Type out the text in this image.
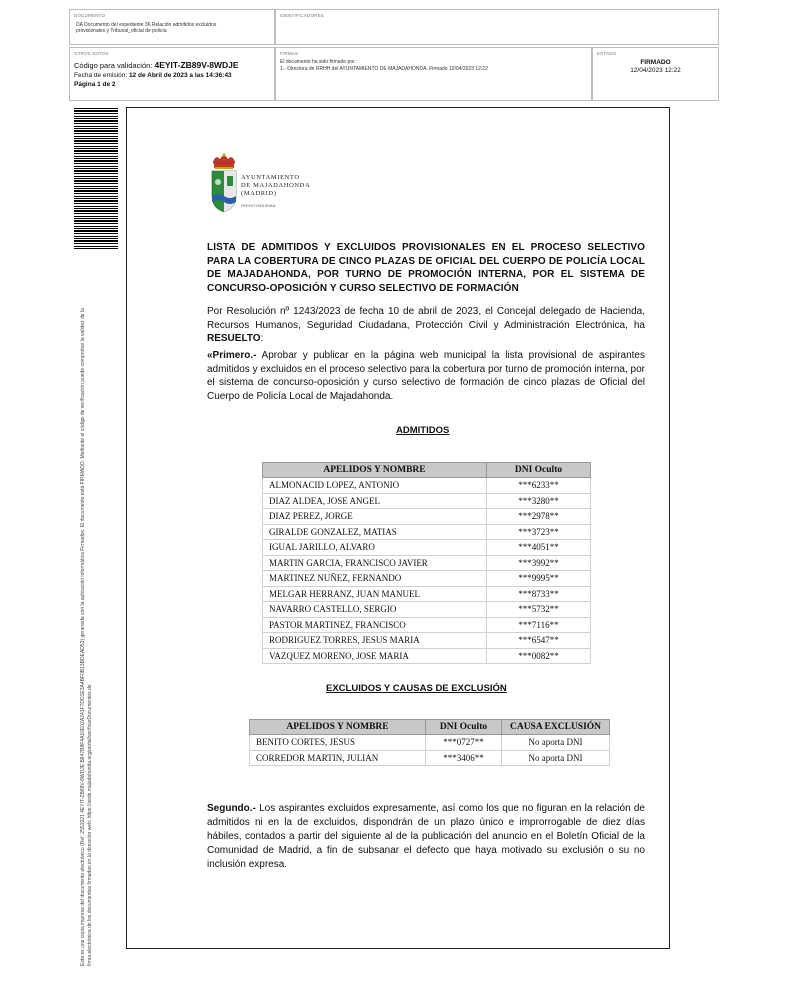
DOCUMENTO
DA Documento del expediente 36 Relación admitidos excluidos provisionales y Tribunal_oficial de policía
IDENTIFICADORES
OTROS DATOS
Código para validación: 4EYIT-ZB89V-8WDJE
Fecha de emisión: 12 de Abril de 2023 a las 14:36:43
Página 1 de 2
FIRMAS
El documento ha sido firmado por :
1.- Directora de RRHH del AYUNTAMIENTO DE MAJADAHONDA. Firmado 12/04/2023 12:22
ESTADO
FIRMADO
12/04/2023 12:22
Esta es una copia impresa del documento electrónico (Ref: 2551921 4EYIT-ZB89V-8WDJE B847B8F4A10E02A241F7DD1E3A4BF0B13BDEAD53) generada con la aplicación informática Firmadoc. El documento está FIRMADO. Mediante el código de verificación puede comprobar la validez de la firma electrónica de los documentos firmados en la dirección web: https://sede.majadahonda.org/portal/verificarDocumentos.do
AYUNTAMIENTO
DE MAJADAHONDA
(MADRID)
RRHH/YMA/EMA
LISTA DE ADMITIDOS Y EXCLUIDOS PROVISIONALES EN EL PROCESO SELECTIVO PARA LA COBERTURA DE CINCO PLAZAS DE OFICIAL DEL CUERPO DE POLICÍA LOCAL DE MAJADAHONDA, POR TURNO DE PROMOCIÓN INTERNA, POR EL SISTEMA DE CONCURSO-OPOSICIÓN Y CURSO SELECTIVO DE FORMACIÓN
Por Resolución nº 1243/2023 de fecha 10 de abril de 2023, el Concejal delegado de Hacienda, Recursos Humanos, Seguridad Ciudadana, Protección Civil y Administración Electrónica, ha RESUELTO:
«Primero.- Aprobar y publicar en la página web municipal la lista provisional de aspirantes admitidos y excluidos en el proceso selectivo para la cobertura por turno de promoción interna, por el sistema de concurso-oposición y curso selectivo de formación de cinco plazas de Oficial del Cuerpo de Policía Local de Majadahonda.
ADMITIDOS
APELIDOS Y NOMBRE	DNI Oculto
ALMONACID LOPEZ, ANTONIO	***6233**
DIAZ ALDEA, JOSE ANGEL	***3280**
DIAZ PEREZ, JORGE	***2978**
GIRALDE GONZALEZ, MATIAS	***3723**
IGUAL JARILLO, ALVARO	***4051**
MARTIN GARCIA, FRANCISCO JAVIER	***3992**
MARTINEZ NUÑEZ, FERNANDO	***9995**
MELGAR HERRANZ, JUAN MANUEL	***8733**
NAVARRO CASTELLO, SERGIO	***5732**
PASTOR MARTINEZ, FRANCISCO	***7116**
RODRIGUEZ TORRES, JESUS MARIA	***6547**
VAZQUEZ MORENO, JOSE MARIA	***0082**
EXCLUIDOS Y CAUSAS DE EXCLUSIÓN
APELIDOS Y NOMBRE	DNI Oculto	CAUSA EXCLUSIÓN
BENITO CORTES, JESUS	***0727**	No aporta DNI
CORREDOR MARTIN, JULIAN	***3406**	No aporta DNI
Segundo.- Los aspirantes excluidos expresamente, así como los que no figuran en la relación de admitidos ni en la de excluidos, dispondrán de un plazo único e improrrogable de diez días hábiles, contados a partir del siguiente al de la publicación del anuncio en el Boletín Oficial de la Comunidad de Madrid, a fin de subsanar el defecto que haya motivado su exclusión o su no inclusión expresa.
